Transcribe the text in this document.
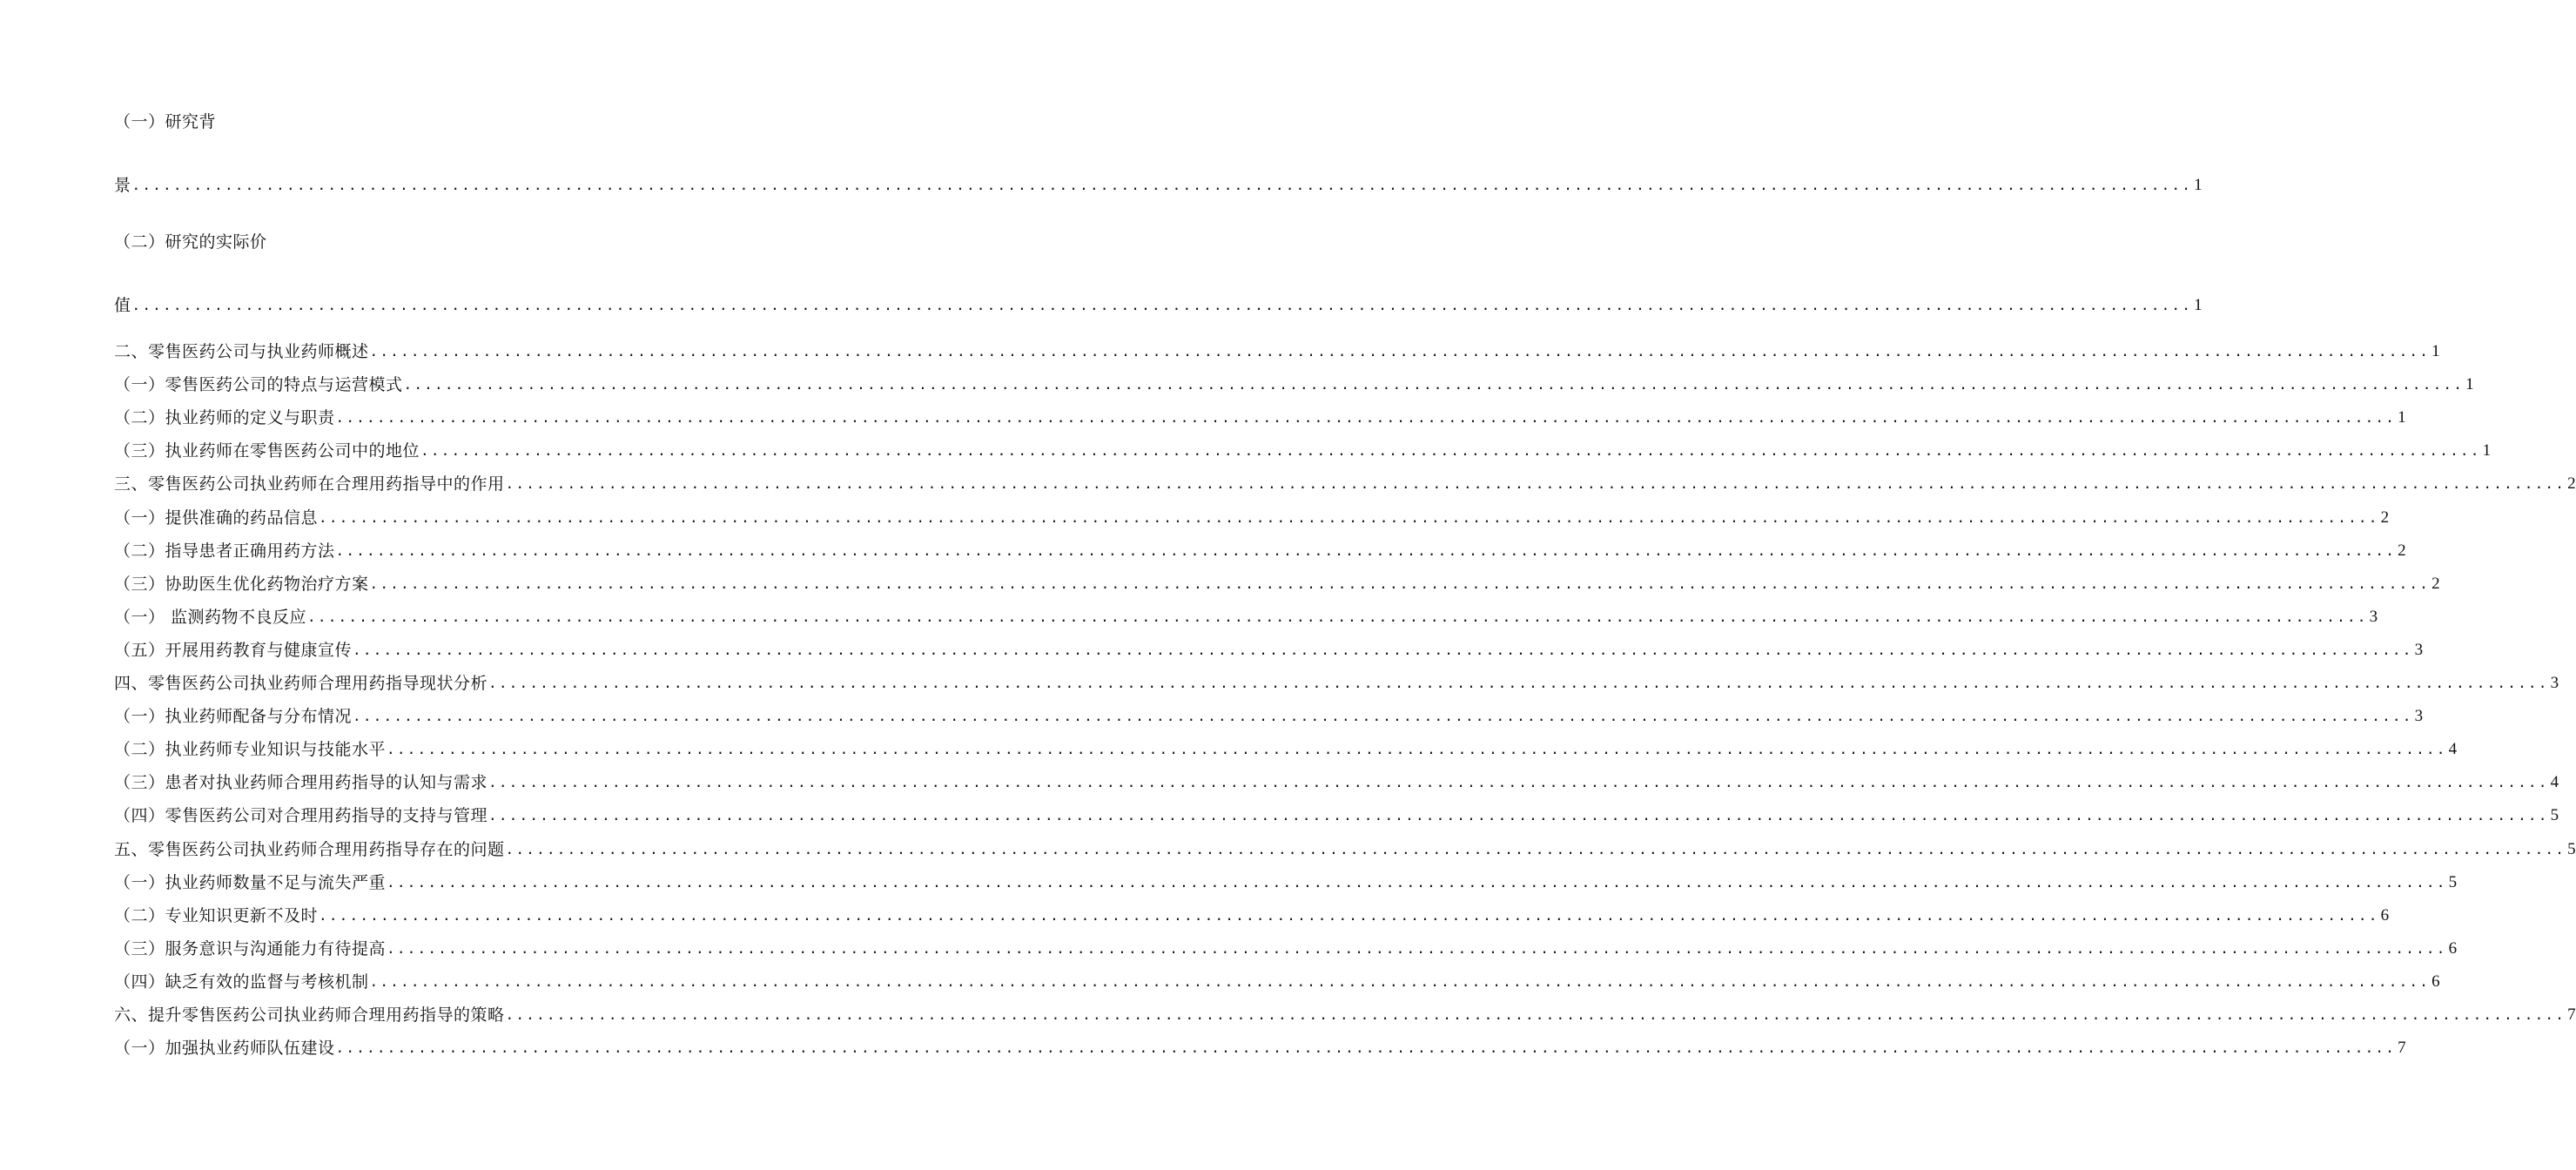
（一）研究背
景 ........................................................................................................................................................................................................ 1
（二）研究的实际价
值 ........................................................................................................................................................................................................ 1
二、零售医药公司与执业药师概述 ........................................................................................................................................................................................................ 1
（一）零售医药公司的特点与运营模式 ........................................................................................................................................................................................................ 1
（二）执业药师的定义与职责 ........................................................................................................................................................................................................ 1
（三）执业药师在零售医药公司中的地位 ........................................................................................................................................................................................................ 1
三、零售医药公司执业药师在合理用药指导中的作用 ........................................................................................................................................................................................................ 2
（一）提供准确的药品信息 ........................................................................................................................................................................................................ 2
（二）指导患者正确用药方法 ........................................................................................................................................................................................................ 2
（三）协助医生优化药物治疗方案 ........................................................................................................................................................................................................ 2
（一） 监测药物不良反应 ........................................................................................................................................................................................................ 3
（五）开展用药教育与健康宣传 ........................................................................................................................................................................................................ 3
四、零售医药公司执业药师合理用药指导现状分析 ........................................................................................................................................................................................................ 3
（一）执业药师配备与分布情况 ........................................................................................................................................................................................................ 3
（二）执业药师专业知识与技能水平 ........................................................................................................................................................................................................ 4
（三）患者对执业药师合理用药指导的认知与需求 ........................................................................................................................................................................................................ 4
（四）零售医药公司对合理用药指导的支持与管理 ........................................................................................................................................................................................................ 5
五、零售医药公司执业药师合理用药指导存在的问题 ........................................................................................................................................................................................................ 5
（一）执业药师数量不足与流失严重 ........................................................................................................................................................................................................ 5
（二）专业知识更新不及时 ........................................................................................................................................................................................................ 6
（三）服务意识与沟通能力有待提高 ........................................................................................................................................................................................................ 6
（四）缺乏有效的监督与考核机制 ........................................................................................................................................................................................................ 6
六、提升零售医药公司执业药师合理用药指导的策略 ........................................................................................................................................................................................................ 7
（一）加强执业药师队伍建设 ........................................................................................................................................................................................................ 7
